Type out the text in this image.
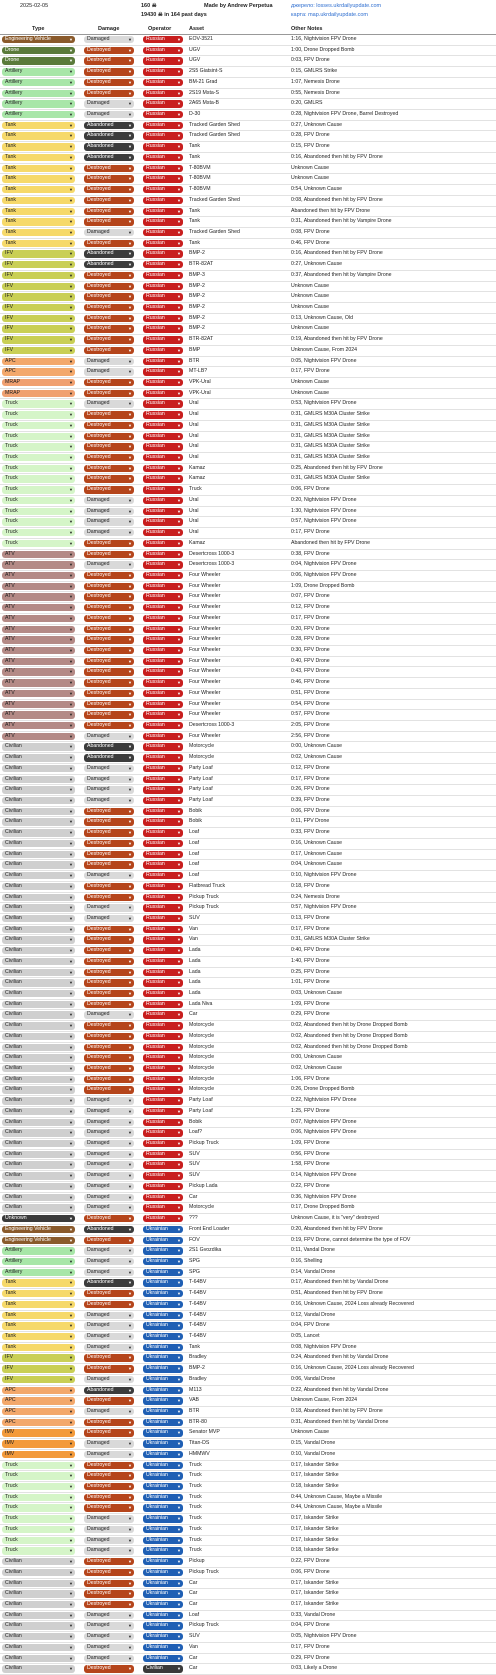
2025-02-05	160 ☠
19430 ☠ in 164 past days
Made by Andrew Perpetua	джерело: losses.ukrdailyupdate.com
карта: map.ukrdailyupdate.com
Type	Damage	Operator	Asset	Other Notes
Engineering Vehicle	▼	Damaged	▼	Russian	▼	EOV-3521	1:16, Nightvision FPV Drone
Drone	▼	Destroyed	▼	Russian	▼	UGV	1:00, Drone Dropped Bomb
Drone	▼	Destroyed	▼	Russian	▼	UGV	0:03, FPV Drone
Artillery	▼	Destroyed	▼	Russian	▼	2S5 Giatsint-S	0:15, GMLRS Strike
Artillery	▼	Destroyed	▼	Russian	▼	BM-21 Grad	1:07, Nemesis Drone
Artillery	▼	Destroyed	▼	Russian	▼	2S19 Msta-S	0:55, Nemesis Drone
Artillery	▼	Damaged	▼	Russian	▼	2A65 Msta-B	0:20, GMLRS
Artillery	▼	Damaged	▼	Russian	▼	D-30	0:28, Nightvision FPV Drone, Barrel Destroyed
Tank	▼	Abandoned	▼	Russian	▼	Tracked Garden Shed	0:27, Unknown Cause
Tank	▼	Abandoned	▼	Russian	▼	Tracked Garden Shed	0:28, FPV Drone
Tank	▼	Abandoned	▼	Russian	▼	Tank	0:15, FPV Drone
Tank	▼	Abandoned	▼	Russian	▼	Tank	0:16, Abandoned then hit by FPV Drone
Tank	▼	Destroyed	▼	Russian	▼	T-80BVM	Unknown Cause
Tank	▼	Destroyed	▼	Russian	▼	T-80BVM	Unknown Cause
Tank	▼	Destroyed	▼	Russian	▼	T-80BVM	0:54, Unknown Cause
Tank	▼	Destroyed	▼	Russian	▼	Tracked Garden Shed	0:08, Abandoned then hit by FPV Drone
Tank	▼	Destroyed	▼	Russian	▼	Tank	Abandoned then hit by FPV Drone
Tank	▼	Destroyed	▼	Russian	▼	Tank	0:31, Abandoned then hit by Vampire Drone
Tank	▼	Damaged	▼	Russian	▼	Tracked Garden Shed	0:08, FPV Drone
Tank	▼	Destroyed	▼	Russian	▼	Tank	0:46, FPV Drone
IFV	▼	Abandoned	▼	Russian	▼	BMP-2	0:16, Abandoned then hit by FPV Drone
IFV	▼	Abandoned	▼	Russian	▼	BTR-82AT	0:27, Unknown Cause
IFV	▼	Destroyed	▼	Russian	▼	BMP-3	0:37, Abandoned then hit by Vampire Drone
IFV	▼	Destroyed	▼	Russian	▼	BMP-2	Unknown Cause
IFV	▼	Destroyed	▼	Russian	▼	BMP-2	Unknown Cause
IFV	▼	Destroyed	▼	Russian	▼	BMP-2	Unknown Cause
IFV	▼	Destroyed	▼	Russian	▼	BMP-2	0:13, Unknown Cause, Old
IFV	▼	Destroyed	▼	Russian	▼	BMP-2	Unknown Cause
IFV	▼	Destroyed	▼	Russian	▼	BTR-82AT	0:19, Abandoned then hit by FPV Drone
IFV	▼	Destroyed	▼	Russian	▼	BMP	Unknown Cause, From 2024
APC	▼	Damaged	▼	Russian	▼	BTR	0:05, Nightvision FPV Drone
APC	▼	Damaged	▼	Russian	▼	MT-LB?	0:17, FPV Drone
MRAP	▼	Destroyed	▼	Russian	▼	VPK-Ural	Unknown Cause
MRAP	▼	Destroyed	▼	Russian	▼	VPK-Ural	Unknown Cause
Truck	▼	Damaged	▼	Russian	▼	Ural	0:53, Nightvision FPV Drone
Truck	▼	Destroyed	▼	Russian	▼	Ural	0:31, GMLRS M30A Cluster Strike
Truck	▼	Destroyed	▼	Russian	▼	Ural	0:31, GMLRS M30A Cluster Strike
Truck	▼	Destroyed	▼	Russian	▼	Ural	0:31, GMLRS M30A Cluster Strike
Truck	▼	Destroyed	▼	Russian	▼	Ural	0:31, GMLRS M30A Cluster Strike
Truck	▼	Destroyed	▼	Russian	▼	Ural	0:31, GMLRS M30A Cluster Strike
Truck	▼	Destroyed	▼	Russian	▼	Kamaz	0:25, Abandoned then hit by FPV Drone
Truck	▼	Destroyed	▼	Russian	▼	Kamaz	0:31, GMLRS M30A Cluster Strike
Truck	▼	Destroyed	▼	Russian	▼	Truck	0:06, FPV Drone
Truck	▼	Damaged	▼	Russian	▼	Ural	0:20, Nightvision FPV Drone
Truck	▼	Damaged	▼	Russian	▼	Ural	1:30, Nightvision FPV Drone
Truck	▼	Damaged	▼	Russian	▼	Ural	0:57, Nightvision FPV Drone
Truck	▼	Damaged	▼	Russian	▼	Ural	0:17, FPV Drone
Truck	▼	Destroyed	▼	Russian	▼	Kamaz	Abandoned then hit by FPV Drone
ATV	▼	Destroyed	▼	Russian	▼	Desertcross 1000-3	0:38, FPV Drone
ATV	▼	Damaged	▼	Russian	▼	Desertcross 1000-3	0:04, Nightvision FPV Drone
ATV	▼	Destroyed	▼	Russian	▼	Four Wheeler	0:06, Nightvision FPV Drone
ATV	▼	Destroyed	▼	Russian	▼	Four Wheeler	1:09, Drone Dropped Bomb
ATV	▼	Destroyed	▼	Russian	▼	Four Wheeler	0:07, FPV Drone
ATV	▼	Destroyed	▼	Russian	▼	Four Wheeler	0:12, FPV Drone
ATV	▼	Destroyed	▼	Russian	▼	Four Wheeler	0:17, FPV Drone
ATV	▼	Destroyed	▼	Russian	▼	Four Wheeler	0:20, FPV Drone
ATV	▼	Destroyed	▼	Russian	▼	Four Wheeler	0:28, FPV Drone
ATV	▼	Destroyed	▼	Russian	▼	Four Wheeler	0:30, FPV Drone
ATV	▼	Destroyed	▼	Russian	▼	Four Wheeler	0:40, FPV Drone
ATV	▼	Destroyed	▼	Russian	▼	Four Wheeler	0:43, FPV Drone
ATV	▼	Destroyed	▼	Russian	▼	Four Wheeler	0:46, FPV Drone
ATV	▼	Destroyed	▼	Russian	▼	Four Wheeler	0:51, FPV Drone
ATV	▼	Destroyed	▼	Russian	▼	Four Wheeler	0:54, FPV Drone
ATV	▼	Destroyed	▼	Russian	▼	Four Wheeler	0:57, FPV Drone
ATV	▼	Destroyed	▼	Russian	▼	Desertcross 1000-3	2:05, FPV Drone
ATV	▼	Damaged	▼	Russian	▼	Four Wheeler	2:56, FPV Drone
Civilian	▼	Abandoned	▼	Russian	▼	Motorcycle	0:00, Unknown Cause
Civilian	▼	Abandoned	▼	Russian	▼	Motorcycle	0:02, Unknown Cause
Civilian	▼	Damaged	▼	Russian	▼	Party Loaf	0:12, FPV Drone
Civilian	▼	Damaged	▼	Russian	▼	Party Loaf	0:17, FPV Drone
Civilian	▼	Damaged	▼	Russian	▼	Party Loaf	0:26, FPV Drone
Civilian	▼	Damaged	▼	Russian	▼	Party Loaf	0:39, FPV Drone
Civilian	▼	Destroyed	▼	Russian	▼	Bobik	0:06, FPV Drone
Civilian	▼	Destroyed	▼	Russian	▼	Bobik	0:11, FPV Drone
Civilian	▼	Destroyed	▼	Russian	▼	Loaf	0:33, FPV Drone
Civilian	▼	Destroyed	▼	Russian	▼	Loaf	0:16, Unknown Cause
Civilian	▼	Destroyed	▼	Russian	▼	Loaf	0:17, Unknown Cause
Civilian	▼	Destroyed	▼	Russian	▼	Loaf	0:04, Unknown Cause
Civilian	▼	Damaged	▼	Russian	▼	Loaf	0:10, Nightvision FPV Drone
Civilian	▼	Destroyed	▼	Russian	▼	Flatbread Truck	0:18, FPV Drone
Civilian	▼	Destroyed	▼	Russian	▼	Pickup Truck	0:24, Nemesis Drone
Civilian	▼	Damaged	▼	Russian	▼	Pickup Truck	0:57, Nightvision FPV Drone
Civilian	▼	Damaged	▼	Russian	▼	SUV	0:13, FPV Drone
Civilian	▼	Destroyed	▼	Russian	▼	Van	0:17, FPV Drone
Civilian	▼	Destroyed	▼	Russian	▼	Van	0:31, GMLRS M30A Cluster Strike
Civilian	▼	Destroyed	▼	Russian	▼	Lada	0:40, FPV Drone
Civilian	▼	Destroyed	▼	Russian	▼	Lada	1:40, FPV Drone
Civilian	▼	Destroyed	▼	Russian	▼	Lada	0:25, FPV Drone
Civilian	▼	Destroyed	▼	Russian	▼	Lada	1:01, FPV Drone
Civilian	▼	Destroyed	▼	Russian	▼	Lada	0:03, Unknown Cause
Civilian	▼	Destroyed	▼	Russian	▼	Lada Niva	1:09, FPV Drone
Civilian	▼	Damaged	▼	Russian	▼	Car	0:29, FPV Drone
Civilian	▼	Destroyed	▼	Russian	▼	Motorcycle	0:02, Abandoned then hit by Drone Dropped Bomb
Civilian	▼	Destroyed	▼	Russian	▼	Motorcycle	0:02, Abandoned then hit by Drone Dropped Bomb
Civilian	▼	Destroyed	▼	Russian	▼	Motorcycle	0:02, Abandoned then hit by Drone Dropped Bomb
Civilian	▼	Destroyed	▼	Russian	▼	Motorcycle	0:00, Unknown Cause
Civilian	▼	Destroyed	▼	Russian	▼	Motorcycle	0:02, Unknown Cause
Civilian	▼	Destroyed	▼	Russian	▼	Motorcycle	1:06, FPV Drone
Civilian	▼	Destroyed	▼	Russian	▼	Motorcycle	0:26, Drone Dropped Bomb
Civilian	▼	Damaged	▼	Russian	▼	Party Loaf	0:22, Nightvision FPV Drone
Civilian	▼	Damaged	▼	Russian	▼	Party Loaf	1:25, FPV Drone
Civilian	▼	Damaged	▼	Russian	▼	Bobik	0:07, Nightvision FPV Drone
Civilian	▼	Damaged	▼	Russian	▼	Loaf?	0:06, Nightvision FPV Drone
Civilian	▼	Damaged	▼	Russian	▼	Pickup Truck	1:09, FPV Drone
Civilian	▼	Damaged	▼	Russian	▼	SUV	0:56, FPV Drone
Civilian	▼	Damaged	▼	Russian	▼	SUV	1:58, FPV Drone
Civilian	▼	Damaged	▼	Russian	▼	SUV	0:14, Nightvision FPV Drone
Civilian	▼	Damaged	▼	Russian	▼	Pickup Lada	0:22, FPV Drone
Civilian	▼	Damaged	▼	Russian	▼	Car	0:36, Nightvision FPV Drone
Civilian	▼	Damaged	▼	Russian	▼	Motorcycle	0:17, Drone Dropped Bomb
Unknown	▼	Destroyed	▼	Russian	▼	???	Unknown Cause, it is "very" destroyed
Engineering Vehicle	▼	Abandoned	▼	Ukrainian	▼	Front End Loader	0:20, Abandoned then hit by FPV Drone
Engineering Vehicle	▼	Destroyed	▼	Ukrainian	▼	FOV	0:19, FPV Drone, cannot determine the type of FOV
Artillery	▼	Damaged	▼	Ukrainian	▼	2S1 Gvozdika	0:11, Vandal Drone
Artillery	▼	Damaged	▼	Ukrainian	▼	SPG	0:16, Shelling
Artillery	▼	Damaged	▼	Ukrainian	▼	SPG	0:14, Vandal Drone
Tank	▼	Abandoned	▼	Ukrainian	▼	T-64BV	0:17, Abandoned then hit by Vandal Drone
Tank	▼	Destroyed	▼	Ukrainian	▼	T-64BV	0:51, Abandoned then hit by FPV Drone
Tank	▼	Destroyed	▼	Ukrainian	▼	T-64BV	0:16, Unknown Cause, 2024 Loss already Recovered
Tank	▼	Damaged	▼	Ukrainian	▼	T-64BV	0:12, Vandal Drone
Tank	▼	Damaged	▼	Ukrainian	▼	T-64BV	0:04, FPV Drone
Tank	▼	Damaged	▼	Ukrainian	▼	T-64BV	0:05, Lancet
Tank	▼	Damaged	▼	Ukrainian	▼	Tank	0:08, Nightvision FPV Drone
IFV	▼	Destroyed	▼	Ukrainian	▼	Bradley	0:24, Abandoned then hit by Vandal Drone
IFV	▼	Destroyed	▼	Ukrainian	▼	BMP-2	0:16, Unknown Cause, 2024 Loss already Recovered
IFV	▼	Damaged	▼	Ukrainian	▼	Bradley	0:06, Vandal Drone
APC	▼	Abandoned	▼	Ukrainian	▼	M113	0:22, Abandoned then hit by Vandal Drone
APC	▼	Destroyed	▼	Ukrainian	▼	VAB	Unknown Cause, From 2024
APC	▼	Damaged	▼	Ukrainian	▼	BTR	0:18, Abandoned then hit by FPV Drone
APC	▼	Destroyed	▼	Ukrainian	▼	BTR-80	0:31, Abandoned then hit by Vandal Drone
IMV	▼	Destroyed	▼	Ukrainian	▼	Senator MVP	Unknown Cause
IMV	▼	Damaged	▼	Ukrainian	▼	Titan-DS	0:15, Vandal Drone
IMV	▼	Damaged	▼	Ukrainian	▼	HMMWV	0:10, Vandal Drone
Truck	▼	Destroyed	▼	Ukrainian	▼	Truck	0:17, Iskander Strike
Truck	▼	Destroyed	▼	Ukrainian	▼	Truck	0:17, Iskander Strike
Truck	▼	Destroyed	▼	Ukrainian	▼	Truck	0:18, Iskander Strike
Truck	▼	Destroyed	▼	Ukrainian	▼	Truck	0:44, Unknown Cause, Maybe a Missile
Truck	▼	Destroyed	▼	Ukrainian	▼	Truck	0:44, Unknown Cause, Maybe a Missile
Truck	▼	Damaged	▼	Ukrainian	▼	Truck	0:17, Iskander Strike
Truck	▼	Damaged	▼	Ukrainian	▼	Truck	0:17, Iskander Strike
Truck	▼	Damaged	▼	Ukrainian	▼	Truck	0:17, Iskander Strike
Truck	▼	Damaged	▼	Ukrainian	▼	Truck	0:18, Iskander Strike
Civilian	▼	Destroyed	▼	Ukrainian	▼	Pickup	0:22, FPV Drone
Civilian	▼	Destroyed	▼	Ukrainian	▼	Pickup Truck	0:06, FPV Drone
Civilian	▼	Destroyed	▼	Ukrainian	▼	Car	0:17, Iskander Strike
Civilian	▼	Destroyed	▼	Ukrainian	▼	Car	0:17, Iskander Strike
Civilian	▼	Destroyed	▼	Ukrainian	▼	Car	0:17, Iskander Strike
Civilian	▼	Damaged	▼	Ukrainian	▼	Loaf	0:33, Vandal Drone
Civilian	▼	Damaged	▼	Ukrainian	▼	Pickup Truck	0:04, FPV Drone
Civilian	▼	Damaged	▼	Ukrainian	▼	SUV	0:05, Nightvision FPV Drone
Civilian	▼	Damaged	▼	Ukrainian	▼	Van	0:17, FPV Drone
Civilian	▼	Damaged	▼	Ukrainian	▼	Car	0:29, FPV Drone
Civilian	▼	Destroyed	▼	Civilian	▼	Car	0:03, Likely a Drone
